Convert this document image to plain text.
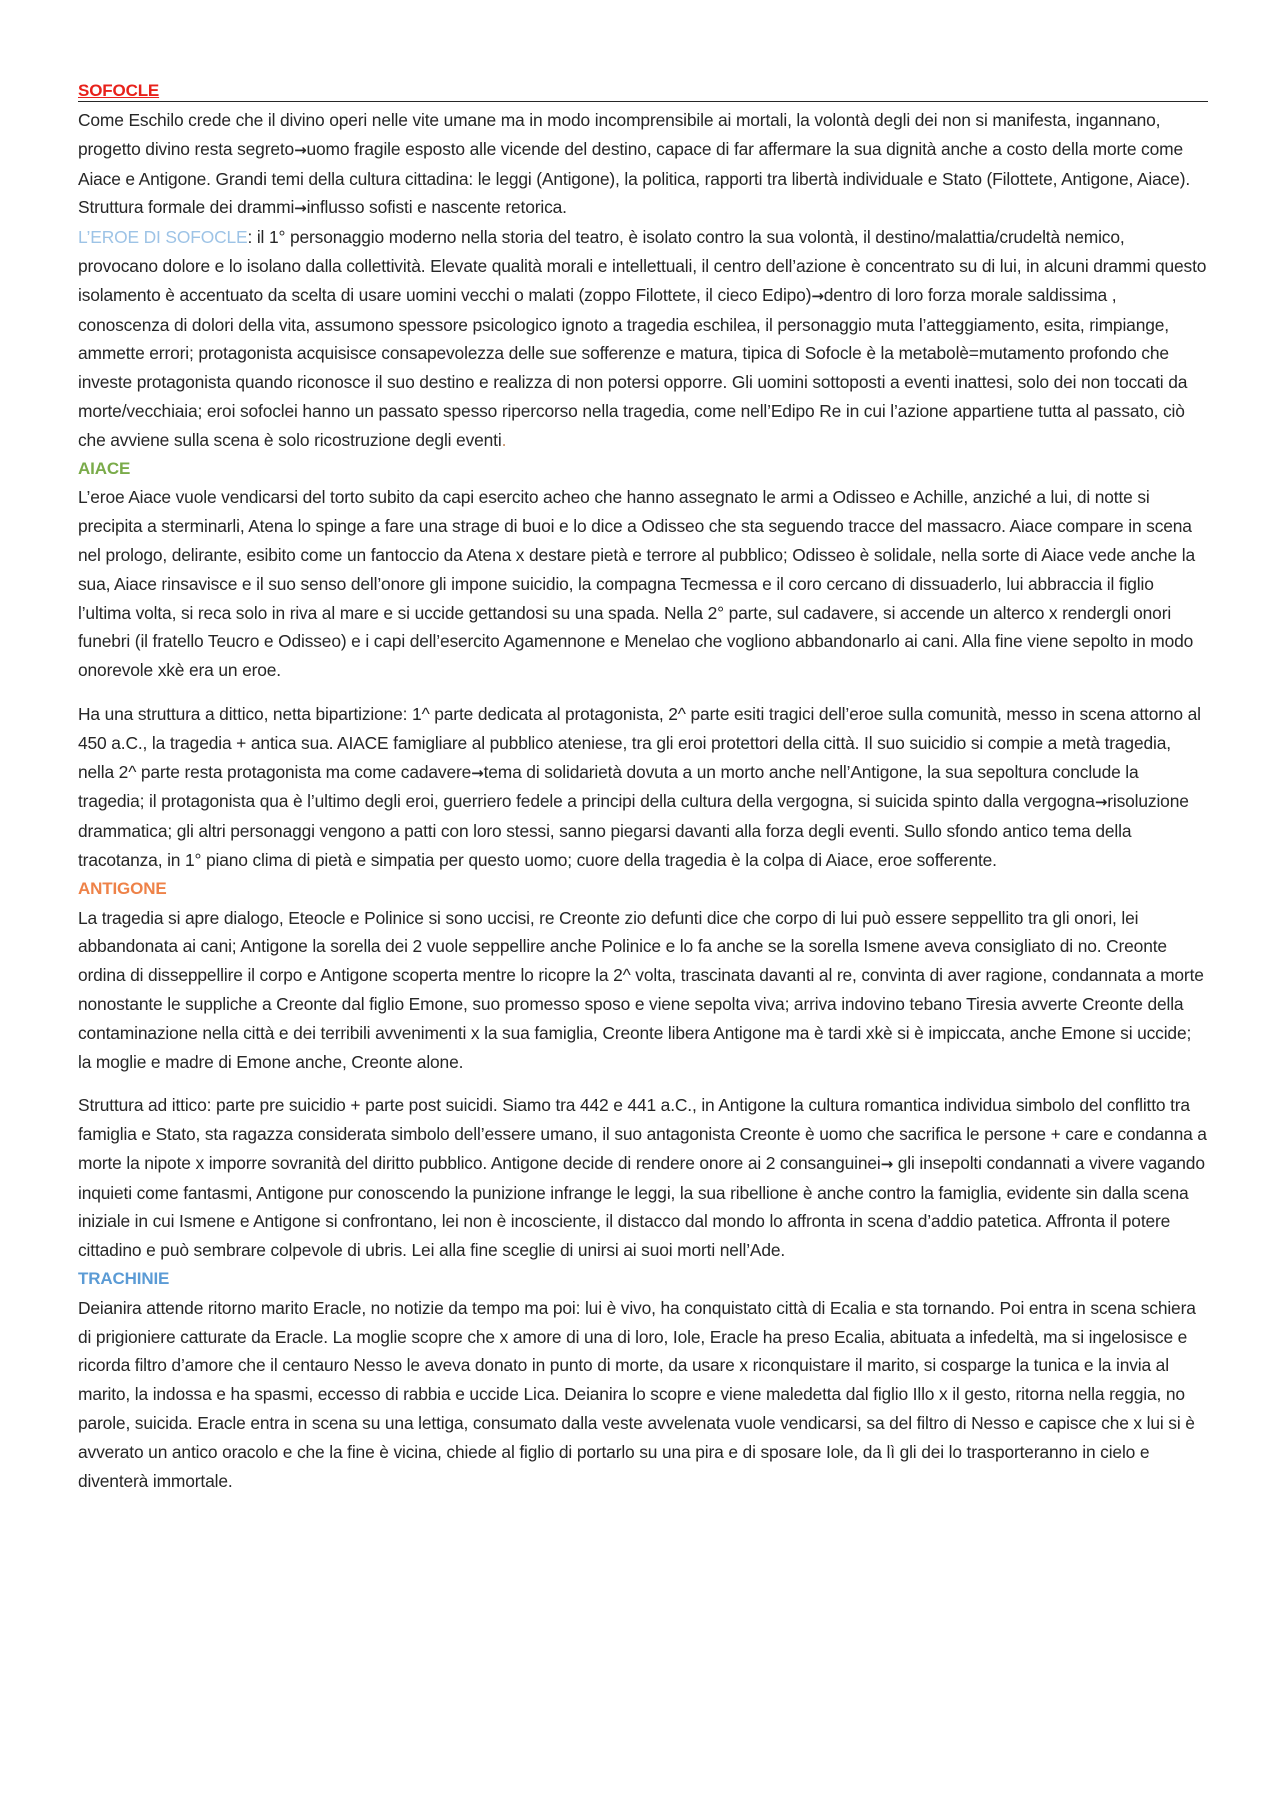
SOFOCLE

Come Eschilo crede che il divino operi nelle vite umane ma in modo incomprensibile ai mortali, la volontà degli dei non si manifesta, ingannano, progetto divino resta segreto→uomo fragile esposto alle vicende del destino, capace di far affermare la sua dignità anche a costo della morte come Aiace e Antigone. Grandi temi della cultura cittadina: le leggi (Antigone), la politica, rapporti tra libertà individuale e Stato (Filottete, Antigone, Aiace). Struttura formale dei drammi→influsso sofisti e nascente retorica.

L’EROE DI SOFOCLE: il 1° personaggio moderno nella storia del teatro, è isolato contro la sua volontà, il destino/malattia/crudeltà nemico, provocano dolore e lo isolano dalla collettività. Elevate qualità morali e intellettuali, il centro dell’azione è concentrato su di lui, in alcuni drammi questo isolamento è accentuato da scelta di usare uomini vecchi o malati (zoppo Filottete, il cieco Edipo)→dentro di loro forza morale saldissima , conoscenza di dolori della vita, assumono spessore psicologico ignoto a tragedia eschilea, il personaggio muta l’atteggiamento, esita, rimpiange, ammette errori; protagonista acquisisce consapevolezza delle sue sofferenze e matura, tipica di Sofocle è la metabolè=mutamento profondo che investe protagonista quando riconosce il suo destino e realizza di non potersi opporre. Gli uomini sottoposti a eventi inattesi, solo dei non toccati da morte/vecchiaia; eroi sofoclei hanno un passato spesso ripercorso nella tragedia, come nell’Edipo Re in cui l’azione appartiene tutta al passato, ciò che avviene sulla scena è solo ricostruzione degli eventi.

AIACE

L’eroe Aiace vuole vendicarsi del torto subito da capi esercito acheo che hanno assegnato le armi a Odisseo e Achille, anziché a lui, di notte si precipita a sterminarli, Atena lo spinge a fare una strage di buoi e lo dice a Odisseo che sta seguendo tracce del massacro. Aiace compare in scena nel prologo, delirante, esibito come un fantoccio da Atena x destare pietà e terrore al pubblico; Odisseo è solidale, nella sorte di Aiace vede anche la sua, Aiace rinsavisce e il suo senso dell’onore gli impone suicidio, la compagna Tecmessa e il coro cercano di dissuaderlo, lui abbraccia il figlio l’ultima volta, si reca solo in riva al mare e si uccide gettandosi su una spada. Nella 2° parte, sul cadavere, si accende un alterco x rendergli onori funebri (il fratello Teucro e Odisseo) e i capi dell’esercito Agamennone e Menelao che vogliono abbandonarlo ai cani. Alla fine viene sepolto in modo onorevole xkè era un eroe.

Ha una struttura a dittico, netta bipartizione: 1^ parte dedicata al protagonista, 2^ parte esiti tragici dell’eroe sulla comunità, messo in scena attorno al 450 a.C., la tragedia + antica sua. AIACE famigliare al pubblico ateniese, tra gli eroi protettori della città. Il suo suicidio si compie a metà tragedia, nella 2^ parte resta protagonista ma come cadavere→tema di solidarietà dovuta a un morto anche nell’Antigone, la sua sepoltura conclude la tragedia; il protagonista qua è l’ultimo degli eroi, guerriero fedele a principi della cultura della vergogna, si suicida spinto dalla vergogna→risoluzione drammatica; gli altri personaggi vengono a patti con loro stessi, sanno piegarsi davanti alla forza degli eventi. Sullo sfondo antico tema della tracotanza, in 1° piano clima di pietà e simpatia per questo uomo; cuore della tragedia è la colpa di Aiace, eroe sofferente.

ANTIGONE

La tragedia si apre dialogo, Eteocle e Polinice si sono uccisi, re Creonte zio defunti dice che corpo di lui può essere seppellito tra gli onori, lei abbandonata ai cani; Antigone la sorella dei 2 vuole seppellire anche Polinice e lo fa anche se la sorella Ismene aveva consigliato di no. Creonte ordina di disseppellire il corpo e Antigone scoperta mentre lo ricopre la 2^ volta, trascinata davanti al re, convinta di aver ragione, condannata a morte nonostante le suppliche a Creonte dal figlio Emone, suo promesso sposo e viene sepolta viva; arriva indovino tebano Tiresia avverte Creonte della contaminazione nella città e dei terribili avvenimenti x la sua famiglia, Creonte libera Antigone ma è tardi xkè si è impiccata, anche Emone si uccide; la moglie e madre di Emone anche, Creonte alone.

Struttura ad ittico: parte pre suicidio + parte post suicidi. Siamo tra 442 e 441 a.C., in Antigone la cultura romantica individua simbolo del conflitto tra famiglia e Stato, sta ragazza considerata simbolo dell’essere umano, il suo antagonista Creonte è uomo che sacrifica le persone + care e condanna a morte la nipote x imporre sovranità del diritto pubblico. Antigone decide di rendere onore ai 2 consanguinei→ gli insepolti condannati a vivere vagando inquieti come fantasmi, Antigone pur conoscendo la punizione infrange le leggi, la sua ribellione è anche contro la famiglia, evidente sin dalla scena iniziale in cui Ismene e Antigone si confrontano, lei non è incosciente, il distacco dal mondo lo affronta in scena d’addio patetica. Affronta il potere cittadino e può sembrare colpevole di ubris. Lei alla fine sceglie di unirsi ai suoi morti nell’Ade.

TRACHINIE

Deianira attende ritorno marito Eracle, no notizie da tempo ma poi: lui è vivo, ha conquistato città di Ecalia e sta tornando. Poi entra in scena schiera di prigioniere catturate da Eracle. La moglie scopre che x amore di una di loro, Iole, Eracle ha preso Ecalia, abituata a infedeltà, ma si ingelosisce e ricorda filtro d’amore che il centauro Nesso le aveva donato in punto di morte, da usare x riconquistare il marito, si cosparge la tunica e la invia al marito, la indossa e ha spasmi, eccesso di rabbia e uccide Lica. Deianira lo scopre e viene maledetta dal figlio Illo x il gesto, ritorna nella reggia, no parole, suicida. Eracle entra in scena su una lettiga, consumato dalla veste avvelenata vuole vendicarsi, sa del filtro di Nesso e capisce che x lui si è avverato un antico oracolo e che la fine è vicina, chiede al figlio di portarlo su una pira e di sposare Iole, da lì gli dei lo trasporteranno in cielo e diventerà immortale.
